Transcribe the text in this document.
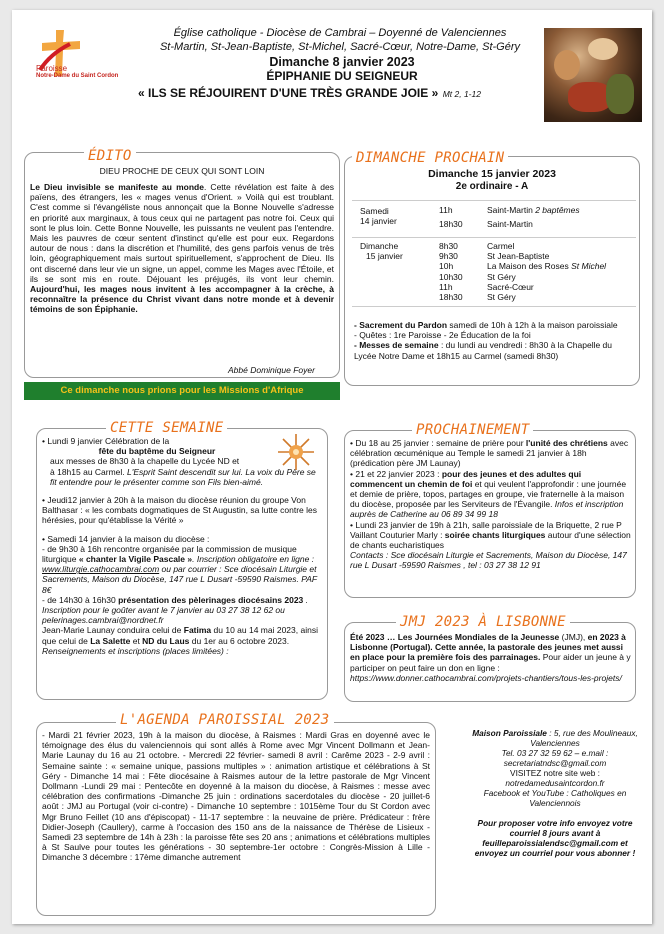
Paroisse
Notre-Dame du Saint Cordon
Église catholique - Diocèse de Cambrai – Doyenné de Valenciennes
St-Martin, St-Jean-Baptiste, St-Michel, Sacré-Cœur, Notre-Dame, St-Géry
Dimanche 8 janvier 2023
ÉPIPHANIE DU SEIGNEUR
« ILS SE RÉJOUIRENT D'UNE TRÈS GRANDE JOIE » Mt 2, 1-12
ÉDITO
DIEU PROCHE DE CEUX QUI SONT LOIN
Le Dieu invisible se manifeste au monde. Cette révélation est faite à des païens, des étrangers, les « mages venus d'Orient. » Voilà qui est troublant. C'est comme si l'évangéliste nous annonçait que la Bonne Nouvelle s'adresse en priorité aux marginaux, à tous ceux qui ne partagent pas notre foi. Ceux qui sont le plus loin. Cette Bonne Nouvelle, les puissants ne veulent pas l'entendre. Mais les pauvres de cœur sentent d'instinct qu'elle est pour eux. Regardons autour de nous : dans la discrétion et l'humilité, des gens parfois venus de très loin, géographiquement mais surtout spirituellement, s'approchent de Dieu. Ils ont discerné dans leur vie un signe, un appel, comme les Mages avec l'Étoile, et ils se sont mis en route. Déjouant les préjugés, ils vont leur chemin. Aujourd'hui, les mages nous invitent à les accompagner à la crèche, à reconnaître la présence du Christ vivant dans notre monde et à devenir témoins de son Épiphanie.
Abbé Dominique Foyer
Ce dimanche nous prions pour les Missions d'Afrique
DIMANCHE PROCHAIN
Dimanche 15 janvier 2023
2e ordinaire - A
Samedi
14 janvier
11h	Saint-Martin 2 baptêmes
18h30	Saint-Martin
Dimanche
15 janvier
8h30	Carmel
9h30	St Jean-Baptiste
10h	La Maison des Roses St Michel
10h30	St Géry
11h	Sacré-Cœur
18h30	St Géry

- Sacrement du Pardon samedi de 10h à 12h à la maison paroissiale

- Quêtes : 1re Paroisse - 2e Éducation de la foi

- Messes de semaine : du lundi au vendredi : 8h30 à la Chapelle du Lycée Notre Dame et 18h15 au Carmel (samedi 8h30)

CETTE SEMAINE

• Lundi 9 janvier Célébration de la

fête du baptême du Seigneur

aux messes de 8h30 à la chapelle du Lycée ND et

à 18h15 au Carmel. L'Esprit Saint descendit sur lui. La voix du Père se fit entendre pour le présenter comme son Fils bien-aimé.

• Jeudi12 janvier à 20h à la maison du diocèse réunion du groupe Von Balthasar : « les combats dogmatiques de St Augustin, sa lutte contre les hérésies, pour qu'établisse la Vérité »

• Samedi 14 janvier à la maison du diocèse :

- de 9h30 à 16h rencontre organisée par la commission de musique liturgique « chanter la Vigile Pascale ». Inscription obligatoire en ligne : www.liturgie.cathocambrai.com ou par courrier : Sce diocésain Liturgie et Sacrements, Maison du Diocèse, 147 rue L Dusart -59590 Raismes. PAF 8€

- de 14h30 à 16h30 présentation des pèlerinages diocésains 2023 . Inscription pour le goûter avant le 7 janvier au 03 27 38 12 62 ou pelerinages.cambrai@nordnet.fr

Jean-Marie Launay conduira celui de Fatima du 10 au 14 mai 2023, ainsi que celui de La Salette et ND du Laus du 1er au 6 octobre 2023. Renseignements et inscriptions (places limitées) :

PROCHAINEMENT

• Du 18 au 25 janvier : semaine de prière pour l'unité des chrétiens avec célébration œcuménique au Temple le samedi 21 janvier à 18h (prédication père JM Launay)

• 21 et 22 janvier 2023 : pour des jeunes et des adultes qui commencent un chemin de foi et qui veulent l'approfondir : une journée et demie de prière, topos, partages en groupe, vie fraternelle à la maison du diocèse, proposée par les Serviteurs de l'Évangile. Infos et inscription auprès de Catherine au 06 89 34 99 18

• Lundi 23 janvier de 19h à 21h, salle paroissiale de la Briquette, 2 rue P Vaillant Couturier Marly : soirée chants liturgiques autour d'une sélection de chants eucharistiques

Contacts : Sce diocésain Liturgie et Sacrements, Maison du Diocèse, 147 rue L Dusart -59590 Raismes , tel : 03 27 38 12 91

JMJ 2023 À LISBONNE
Été 2023 … Les Journées Mondiales de la Jeunesse (JMJ), en 2023 à Lisbonne (Portugal). Cette année, la pastorale des jeunes met aussi en place pour la première fois des parrainages. Pour aider un jeune à y participer on peut faire un don en ligne : https://www.donner.cathocambrai.com/projets-chantiers/tous-les-projets/
L'AGENDA PAROISSIAL 2023
- Mardi 21 février 2023, 19h à la maison du diocèse, à Raismes : Mardi Gras en doyenné avec le témoignage des élus du valenciennois qui sont allés à Rome avec Mgr Vincent Dollmann et Jean-Marie Launay du 16 au 21 octobre. - Mercredi 22 février- samedi 8 avril : Carême 2023 - 2-9 avril : Semaine sainte : « semaine unique, passions multiples » : animation artistique et célébrations à St Géry - Dimanche 14 mai : Fête diocésaine à Raismes autour de la lettre pastorale de Mgr Vincent Dollmann -Lundi 29 mai : Pentecôte en doyenné à la maison du diocèse, à Raismes : messe avec célébration des confirmations -Dimanche 25 juin : ordinations sacerdotales du diocèse - 20 juillet-6 août : JMJ au Portugal (voir ci-contre) - Dimanche 10 septembre : 1015ème Tour du St Cordon avec Mgr Bruno Feillet (10 ans d'épiscopat) - 11-17 septembre : la neuvaine de prière. Prédicateur : frère Didier-Joseph (Caullery), carme à l'occasion des 150 ans de la naissance de Thérèse de Lisieux - Samedi 23 septembre de 14h à 23h : la paroisse fête ses 20 ans ; animations et célébrations multiples à St Saulve pour toutes les générations - 30 septembre-1er octobre : Congrès-Mission à Lille - Dimanche 3 décembre : 17ème dimanche autrement

Maison Paroissiale : 5, rue des Moulineaux, Valenciennes

Tel. 03 27 32 59 62 – e.mail :

secretariatndsc@gmail.com

VISITEZ notre site web :

notredamedusaintcordon.fr

Facebook et YouTube : Catholiques en Valenciennois

Pour proposer votre info envoyez votre courriel 8 jours avant à feuilleparoissialendsc@gmail.com et envoyez un courriel pour vous abonner !
